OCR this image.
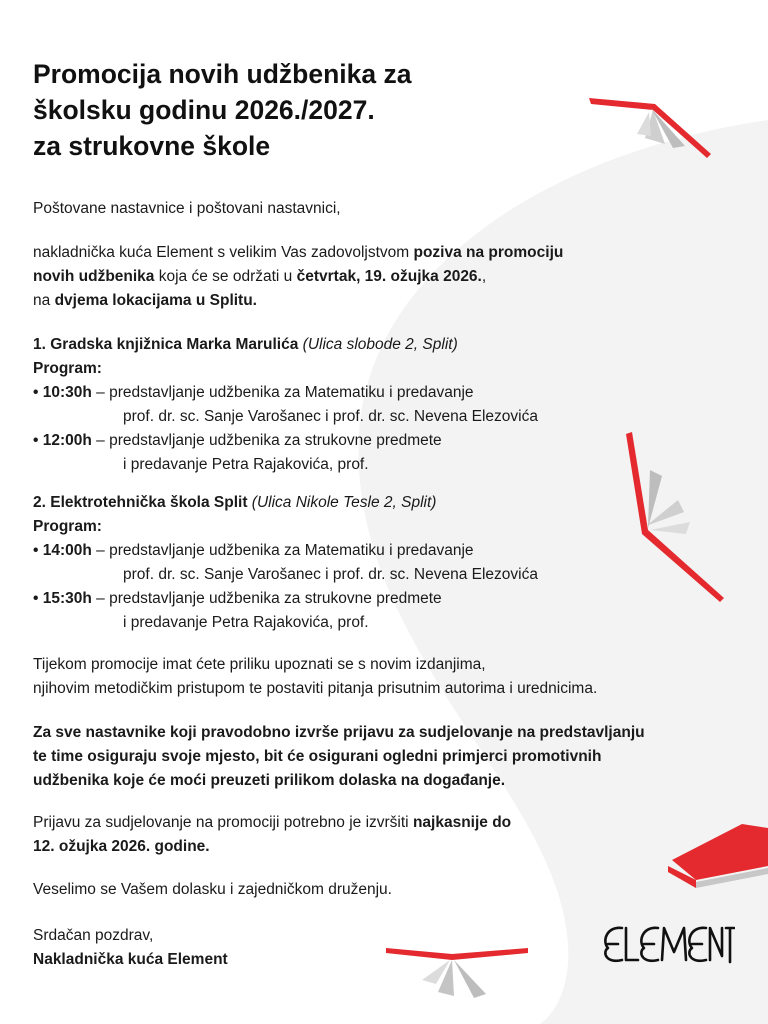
Promocija novih udžbenika za
školsku godinu 2026./2027.
za strukovne škole

Poštovane nastavnice i poštovani nastavnici,

nakladnička kuća Element s velikim Vas zadovoljstvom poziva na promociju
novih udžbenika koja će se održati u četvrtak, 19. ožujka 2026.,
na dvjema lokacijama u Splitu.

1. Gradska knjižnica Marka Marulića (Ulica slobode 2, Split)
Program:
• 10:30h – predstavljanje udžbenika za Matematiku i predavanje
prof. dr. sc. Sanje Varošanec i prof. dr. sc. Nevena Elezovića
• 12:00h – predstavljanje udžbenika za strukovne predmete
i predavanje Petra Rajakovića, prof.
2. Elektrotehnička škola Split (Ulica Nikole Tesle 2, Split)
Program:
• 14:00h – predstavljanje udžbenika za Matematiku i predavanje
prof. dr. sc. Sanje Varošanec i prof. dr. sc. Nevena Elezovića
• 15:30h – predstavljanje udžbenika za strukovne predmete
i predavanje Petra Rajakovića, prof.

Tijekom promocije imat ćete priliku upoznati se s novim izdanjima,
njihovim metodičkim pristupom te postaviti pitanja prisutnim autorima i urednicima.

Za sve nastavnike koji pravodobno izvrše prijavu za sudjelovanje na predstavljanju
te time osiguraju svoje mjesto, bit će osigurani ogledni primjerci promotivnih
udžbenika koje će moći preuzeti prilikom dolaska na događanje.

Prijavu za sudjelovanje na promociji potrebno je izvršiti najkasnije do
12. ožujka 2026. godine.

Veselimo se Vašem dolasku i zajedničkom druženju.

Srdačan pozdrav,
Nakladnička kuća Element
